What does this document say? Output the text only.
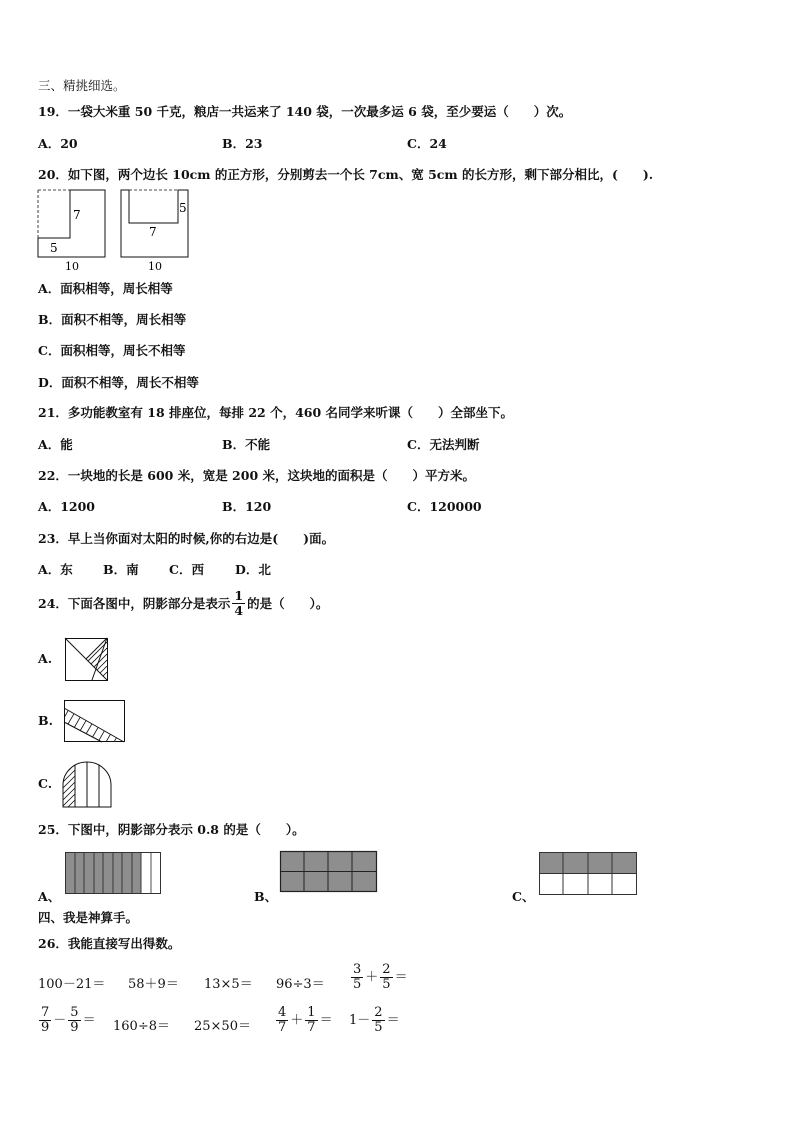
三、精挑细选。
19．一袋大米重 50 千克，粮店一共运来了 140 袋，一次最多运 6 袋，至少要运（　　）次。
A．20	B．23	C．24
20．如下图，两个边长 10cm 的正方形，分别剪去一个长 7cm、宽 5cm 的长方形，剩下部分相比，(　　).
7
5
10
5
7
10
A．面积相等，周长相等
B．面积不相等，周长相等
C．面积相等，周长不相等
D．面积不相等，周长不相等
21．多功能教室有 18 排座位，每排 22 个，460 名同学来听课（　　）全部坐下。
A．能	B．不能	C．无法判断
22．一块地的长是 600 米，宽是 200 米，这块地的面积是（　　）平方米。
A．1200	B．120	C．120000
23．早上当你面对太阳的时候,你的右边是(　　)面。
A．东 B．南 C．西 D．北
24．下面各图中，阴影部分是表示 $\frac{1}{4}$ 的是（　　）。
A.
B.
C.
25．下图中，阴影部分表示 0.8 的是（　　）。
A、	B、	C、
四、我是神算手。
26．我能直接写出得数。
$100-21= 58+9= 13\times 5= 96\div 3= \frac{3}{5} + \frac{2}{5}$ ＝
$\frac{7}{9} - \frac{5}{9} = 160\div 8= 25\times 50= \frac{4}{7} + \frac{1}{7} = 1- \frac{2}{5}$ ＝
